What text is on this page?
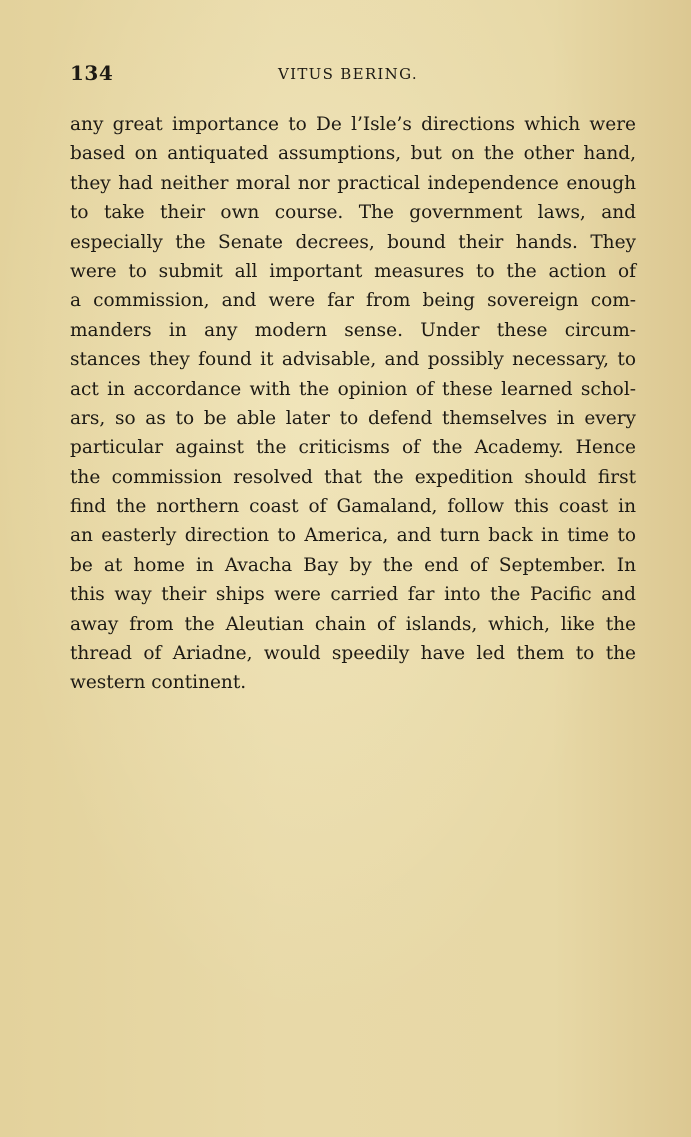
134	VITUS BERING.
any great importance to De l’Isle’s directions which were
based on antiquated assumptions, but on the other hand,
they had neither moral nor practical independence enough
to take their own course. The government laws, and
especially the Senate decrees, bound their hands. They
were to submit all important measures to the action of
a commission, and were far from being sovereign com-
manders in any modern sense. Under these circum-
stances they found it advisable, and possibly necessary, to
act in accordance with the opinion of these learned schol-
ars, so as to be able later to defend themselves in every
particular against the criticisms of the Academy. Hence
the commission resolved that the expedition should first
find the northern coast of Gamaland, follow this coast in
an easterly direction to America, and turn back in time to
be at home in Avacha Bay by the end of September. In
this way their ships were carried far into the Pacific and
away from the Aleutian chain of islands, which, like the
thread of Ariadne, would speedily have led them to the
western continent.
